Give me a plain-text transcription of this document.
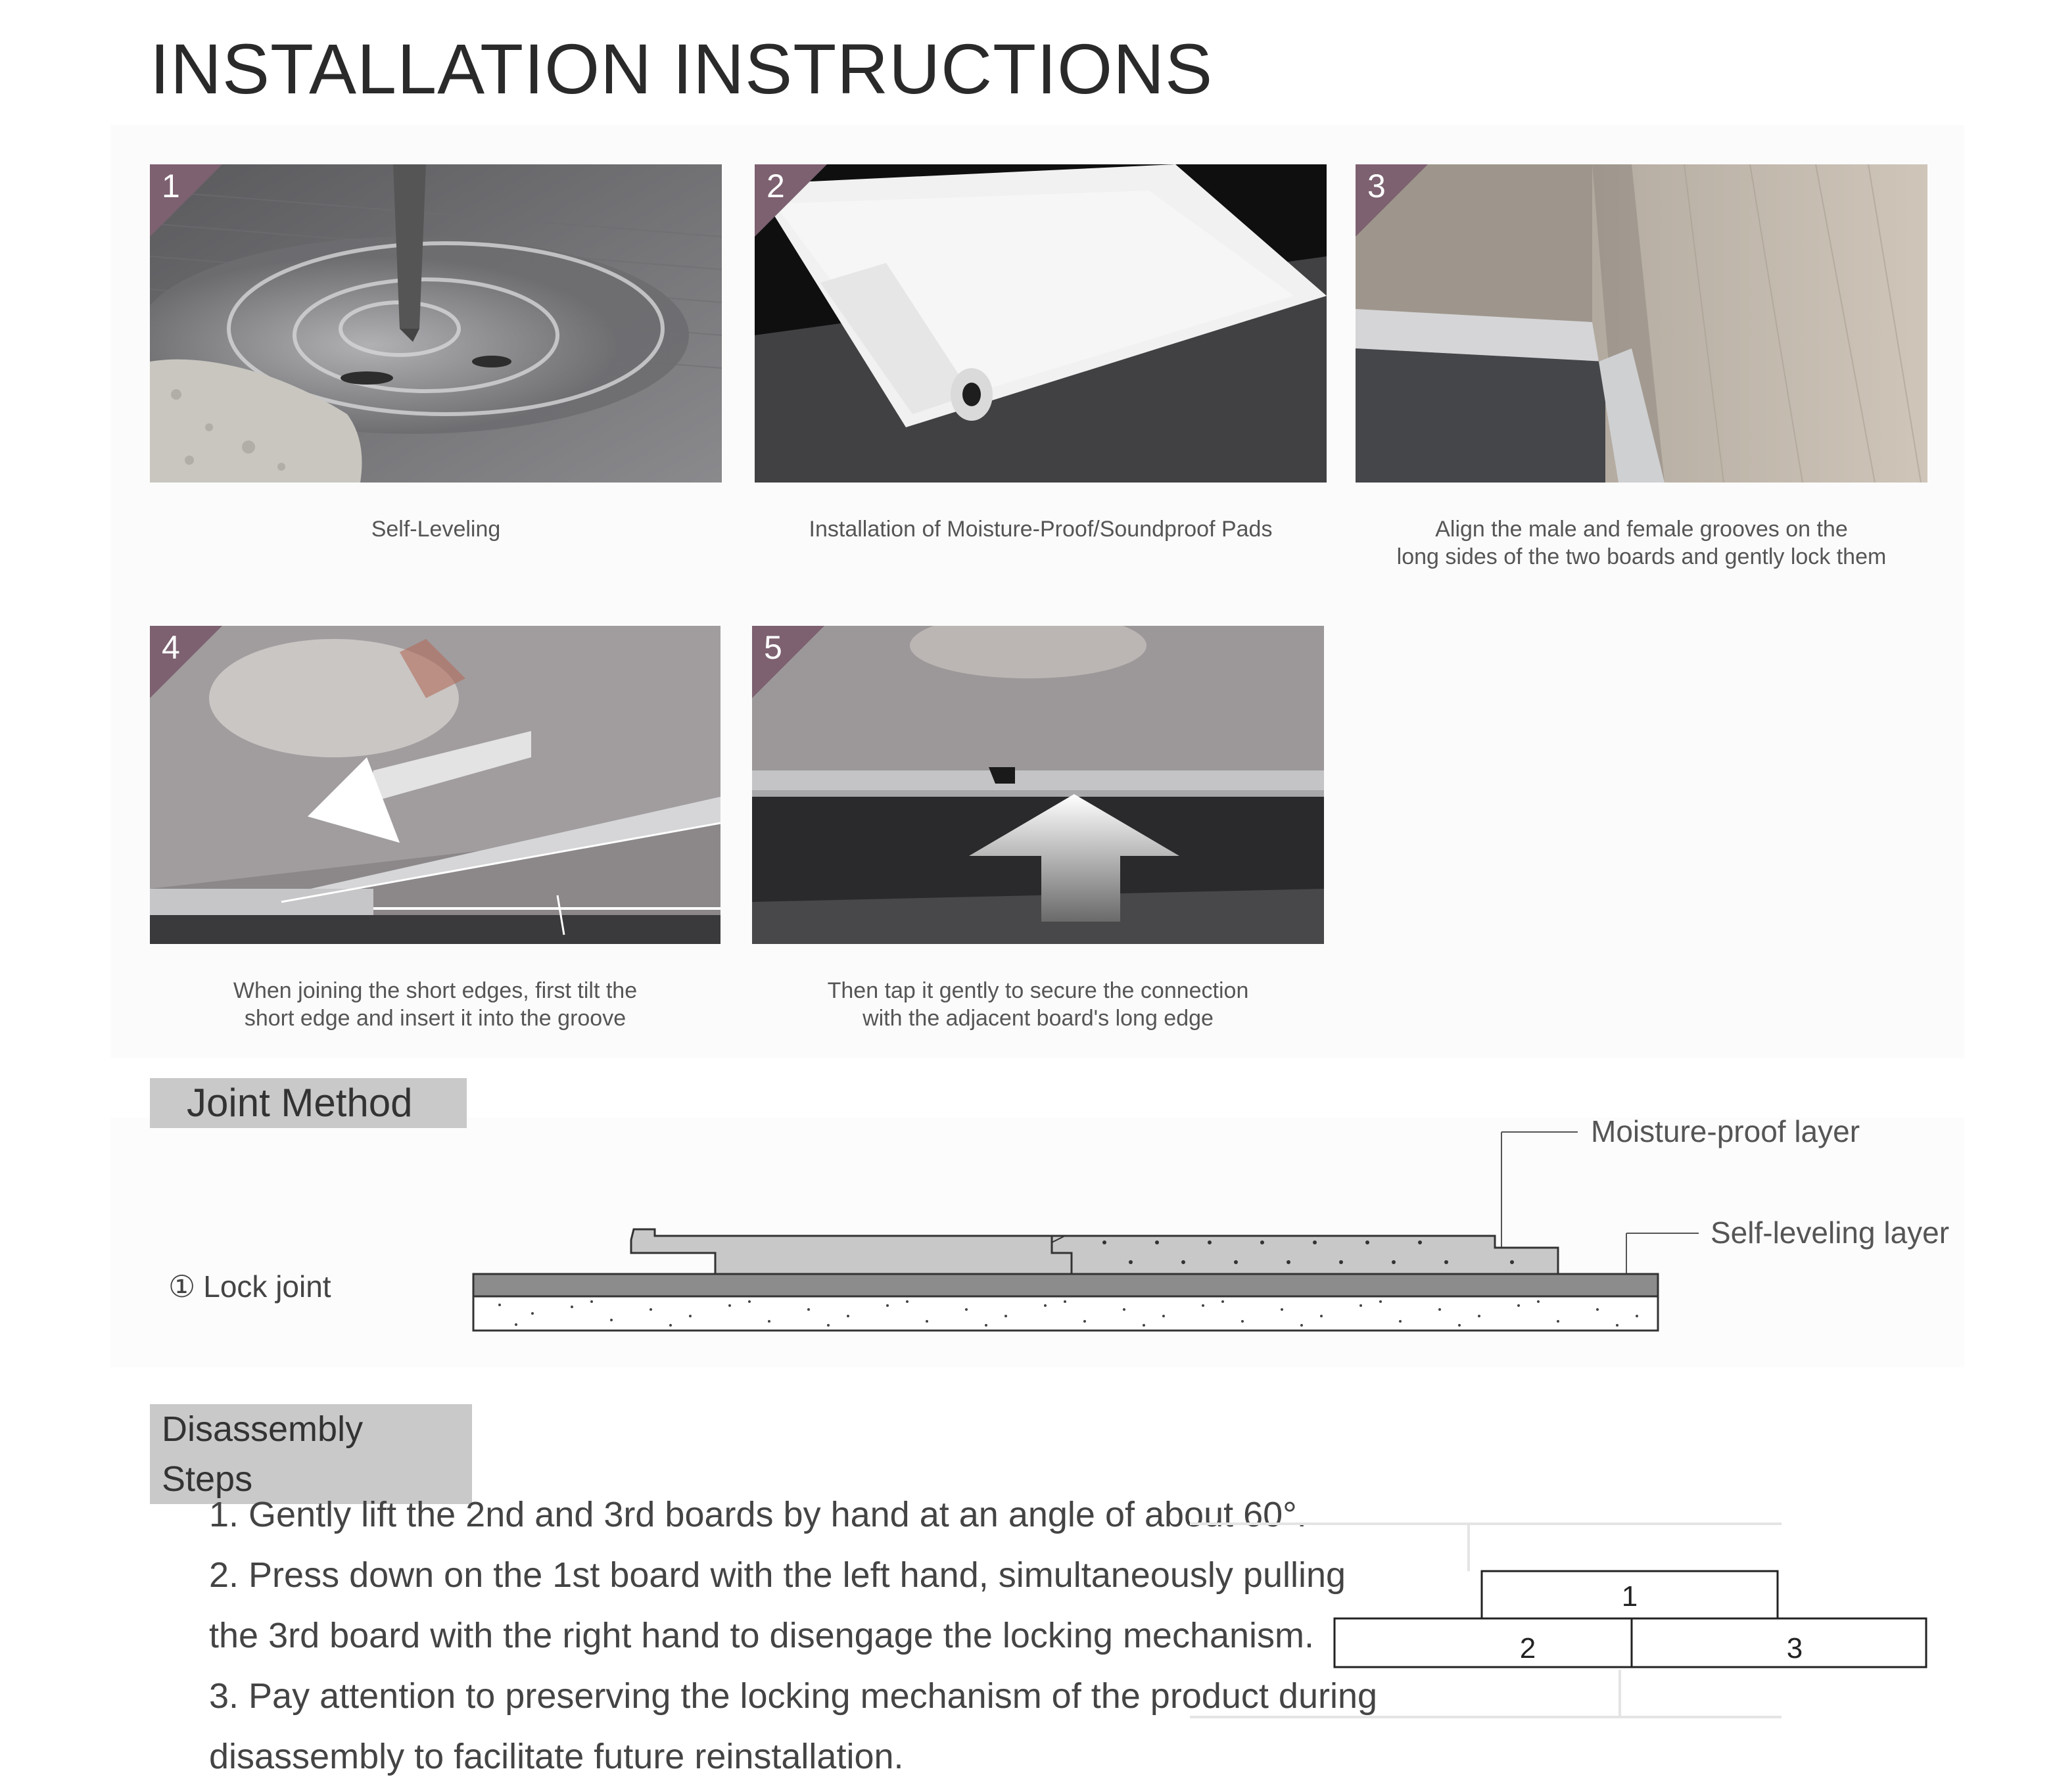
INSTALLATION INSTRUCTIONS
1
Self-Leveling
2
Installation of Moisture-Proof/Soundproof Pads
3
Align the male and female grooves on the
long sides of the two boards and gently lock them
4
When joining the short edges, first tilt the
short edge and insert it into the groove
5
Then tap it gently to secure the connection
with the adjacent board's long edge
Joint Method
① Lock joint
Moisture-proof layer
Self-leveling layer
Disassembly Steps
1. Gently lift the 2nd and 3rd boards by hand at an angle of about 60°.
2. Press down on the 1st board with the left hand, simultaneously pulling
the 3rd board with the right hand to disengage the locking mechanism.
3. Pay attention to preserving the locking mechanism of the product during
disassembly to facilitate future reinstallation.
1
2	3
